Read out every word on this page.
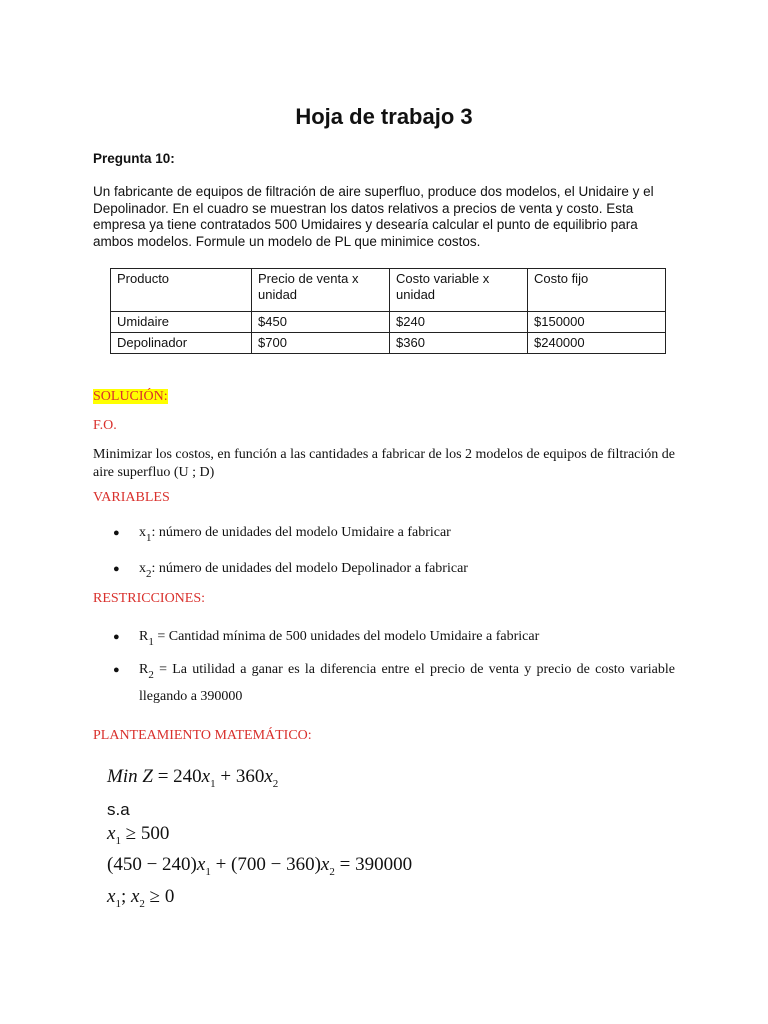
Hoja de trabajo 3
Pregunta 10:
Un fabricante de equipos de filtración de aire superfluo, produce dos modelos, el Unidaire y el Depolinador. En el cuadro se muestran los datos relativos a precios de venta y costo. Esta empresa ya tiene contratados 500 Umidaires y desearía calcular el punto de equilibrio para ambos modelos. Formule un modelo de PL que minimice costos.
Producto	Precio de venta x unidad	Costo variable x unidad	Costo fijo
Umidaire	$450	$240	$150000
Depolinador	$700	$360	$240000
SOLUCIÓN:
F.O.
Minimizar los costos, en función a las cantidades a fabricar de los 2 modelos de equipos de filtración de aire superfluo (U ; D)
VARIABLES
● $x_1$: número de unidades del modelo Umidaire a fabricar
● $x_2$: número de unidades del modelo Depolinador a fabricar
RESTRICCIONES:
● $R_1$ = Cantidad mínima de 500 unidades del modelo Umidaire a fabricar
● $R_2 = La$ utilidad a ganar es la diferencia entre el precio de venta y precio de costo variable llegando a 390000
PLANTEAMIENTO MATEMÁTICO:
Min $Z = 240x_1 + 360x_2$
s.a
$x_1 \ge 500$
$(450 - 240)x_1 + (700 - 360)x_2 = 390000$
$x_1$; $x_2 \ge 0$
